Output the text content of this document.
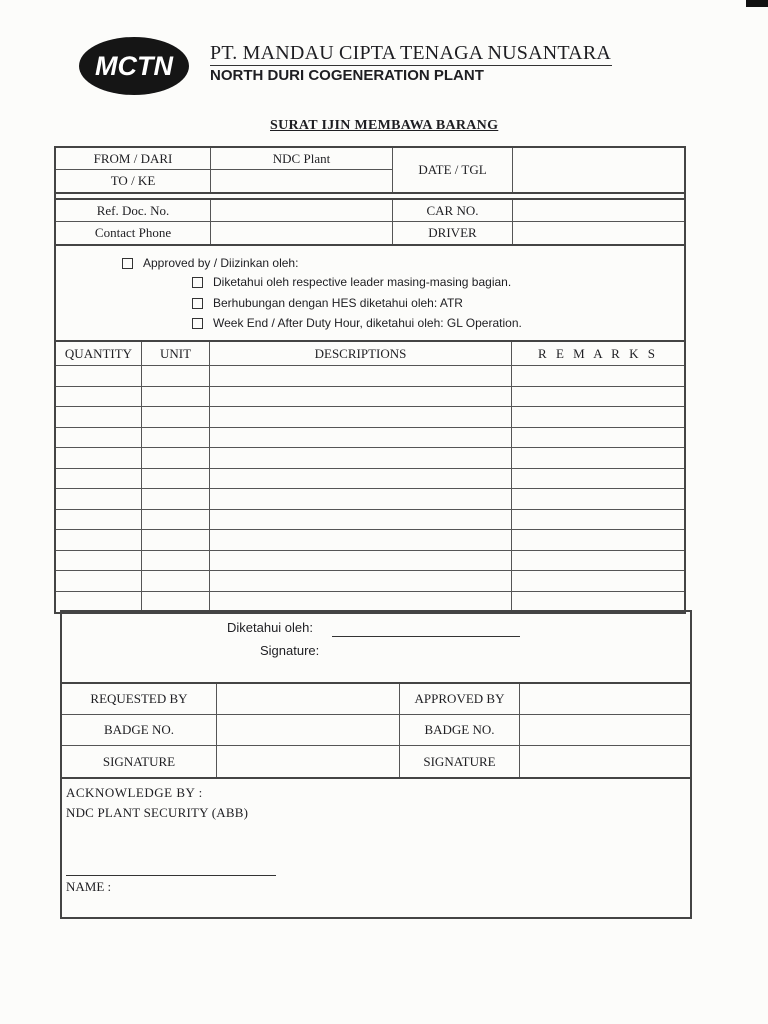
MCTN PT. MANDAU CIPTA TENAGA NUSANTARA
NORTH DURI COGENERATION PLANT
SURAT IJIN MEMBAWA BARANG
FROM / DARI	NDC Plant
DATE / TGL
TO / KE
Ref. Doc. No.	CAR NO.
Contact Phone	DRIVER
Approved by / Diizinkan oleh:
Diketahui oleh respective leader masing-masing bagian.
Berhubungan dengan HES diketahui oleh: ATR
Week End / After Duty Hour, diketahui oleh: GL Operation.
QUANTITY	UNIT	DESCRIPTIONS	R E M A R K S
Diketahui oleh:
Signature:
REQUESTED BY	APPROVED BY
BADGE NO.	BADGE NO.
SIGNATURE	SIGNATURE
ACKNOWLEDGE BY :
NDC PLANT SECURITY (ABB)
NAME :
